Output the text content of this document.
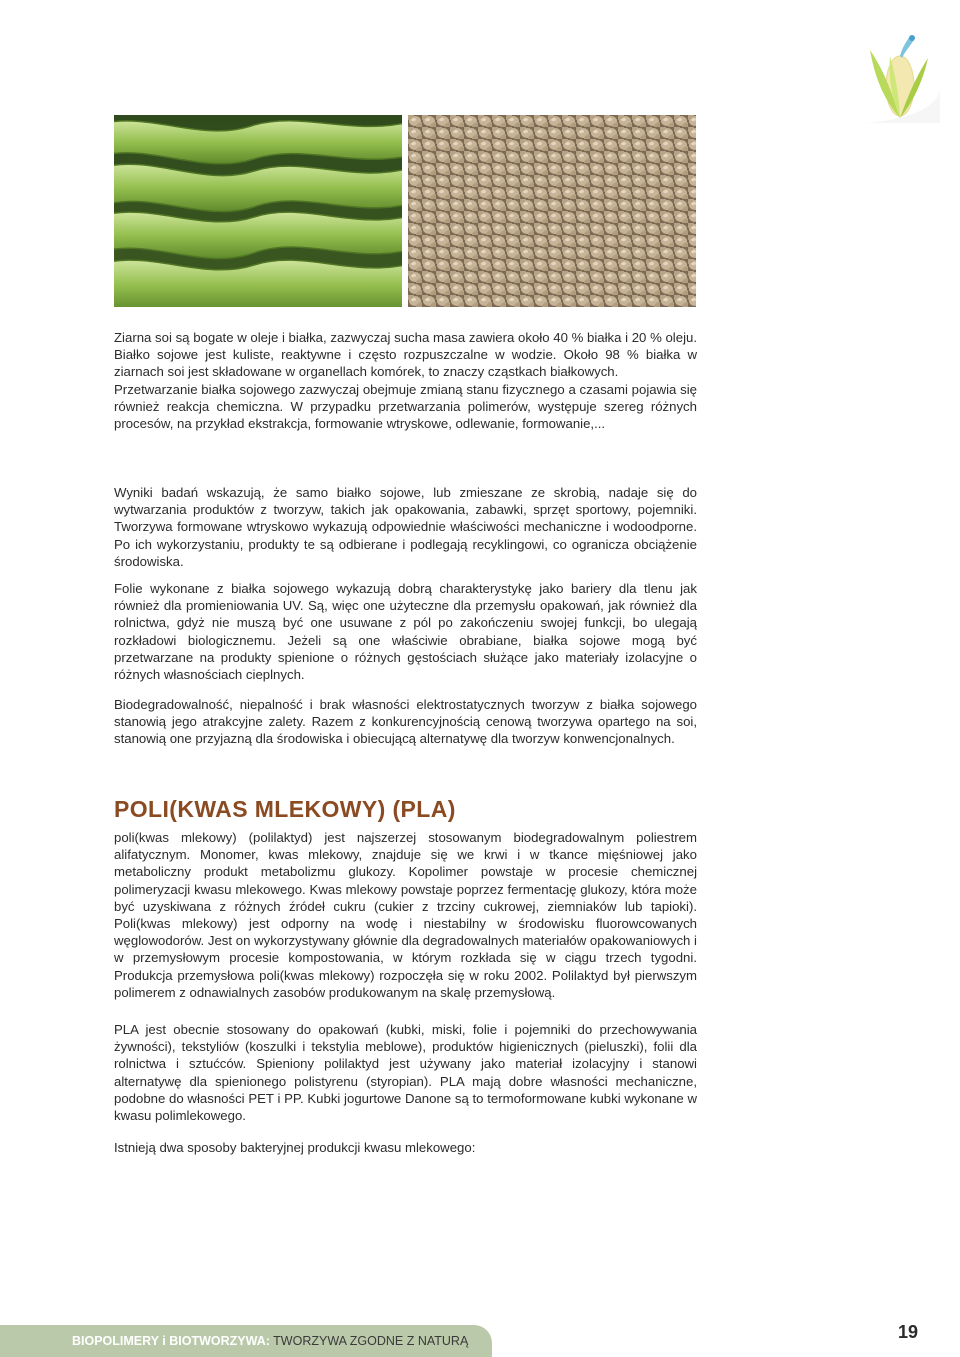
Ziarna soi są bogate w oleje i białka, zazwyczaj sucha masa zawiera około 40 % białka i 20 % oleju. Białko sojowe jest kuliste, reaktywne i często rozpuszczalne w wodzie. Około 98 % białka w ziarnach soi jest składowane w organellach komórek, to znaczy cząstkach białkowych.

Przetwarzanie białka sojowego zazwyczaj obejmuje zmianą stanu fizycznego a czasami pojawia się również reakcja chemiczna. W przypadku przetwarzania polimerów, występuje szereg różnych procesów, na przykład ekstrakcja, formowanie wtryskowe, odlewanie, formowanie,...

Wyniki badań wskazują, że samo białko sojowe, lub zmieszane ze skrobią, nadaje się do wytwarzania produktów z tworzyw, takich jak opakowania, zabawki, sprzęt sportowy, pojemniki. Tworzywa formowane wtryskowo wykazują odpowiednie właściwości mechaniczne i wodoodporne. Po ich wykorzystaniu, produkty te są odbierane i podlegają recyklingowi, co ogranicza obciążenie środowiska.

Folie wykonane z białka sojowego wykazują dobrą charakterystykę jako bariery dla tlenu jak również dla promieniowania UV. Są, więc one użyteczne dla przemysłu opakowań, jak również dla rolnictwa, gdyż nie muszą być one usuwane z pól po zakończeniu swojej funkcji, bo ulegają rozkładowi biologicznemu. Jeżeli są one właściwie obrabiane, białka sojowe mogą być przetwarzane na produkty spienione o różnych gęstościach służące jako materiały izolacyjne o różnych własnościach cieplnych.

Biodegradowalność, niepalność i brak własności elektrostatycznych tworzyw z białka sojowego stanowią jego atrakcyjne zalety. Razem z konkurencyjnością cenową tworzywa opartego na soi, stanowią one przyjazną dla środowiska i obiecującą alternatywę dla tworzyw konwencjonalnych.

POLI(KWAS MLEKOWY) (PLA)

poli(kwas mlekowy) (polilaktyd) jest najszerzej stosowanym biodegradowalnym poliestrem alifatycznym. Monomer, kwas mlekowy, znajduje się we krwi i w tkance mięśniowej jako metaboliczny produkt metabolizmu glukozy. Kopolimer powstaje w procesie chemicznej polimeryzacji kwasu mlekowego. Kwas mlekowy powstaje poprzez fermentację glukozy, która może być uzyskiwana z różnych źródeł cukru (cukier z trzciny cukrowej, ziemniaków lub tapioki). Poli(kwas mlekowy) jest odporny na wodę i niestabilny w środowisku fluorowcowanych węglowodorów. Jest on wykorzystywany głównie dla degradowalnych materiałów opakowaniowych i w przemysłowym procesie kompostowania, w którym rozkłada się w ciągu trzech tygodni. Produkcja przemysłowa poli(kwas mlekowy) rozpoczęła się w roku 2002. Polilaktyd był pierwszym polimerem z odnawialnych zasobów produkowanym na skalę przemysłową.

PLA jest obecnie stosowany do opakowań (kubki, miski, folie i pojemniki do przechowywania żywności), tekstyliów (koszulki i tekstylia meblowe), produktów higienicznych (pieluszki), folii dla rolnictwa i sztućców. Spieniony polilaktyd jest używany jako materiał izolacyjny i stanowi alternatywę dla spienionego polistyrenu (styropian). PLA mają dobre własności mechaniczne, podobne do własności PET i PP. Kubki jogurtowe Danone są to termoformowane kubki wykonane w kwasu polimlekowego.

Istnieją dwa sposoby bakteryjnej produkcji kwasu mlekowego:

BIOPOLIMERY i BIOTWORZYWA: TWORZYWA ZGODNE Z NATURĄ	19
